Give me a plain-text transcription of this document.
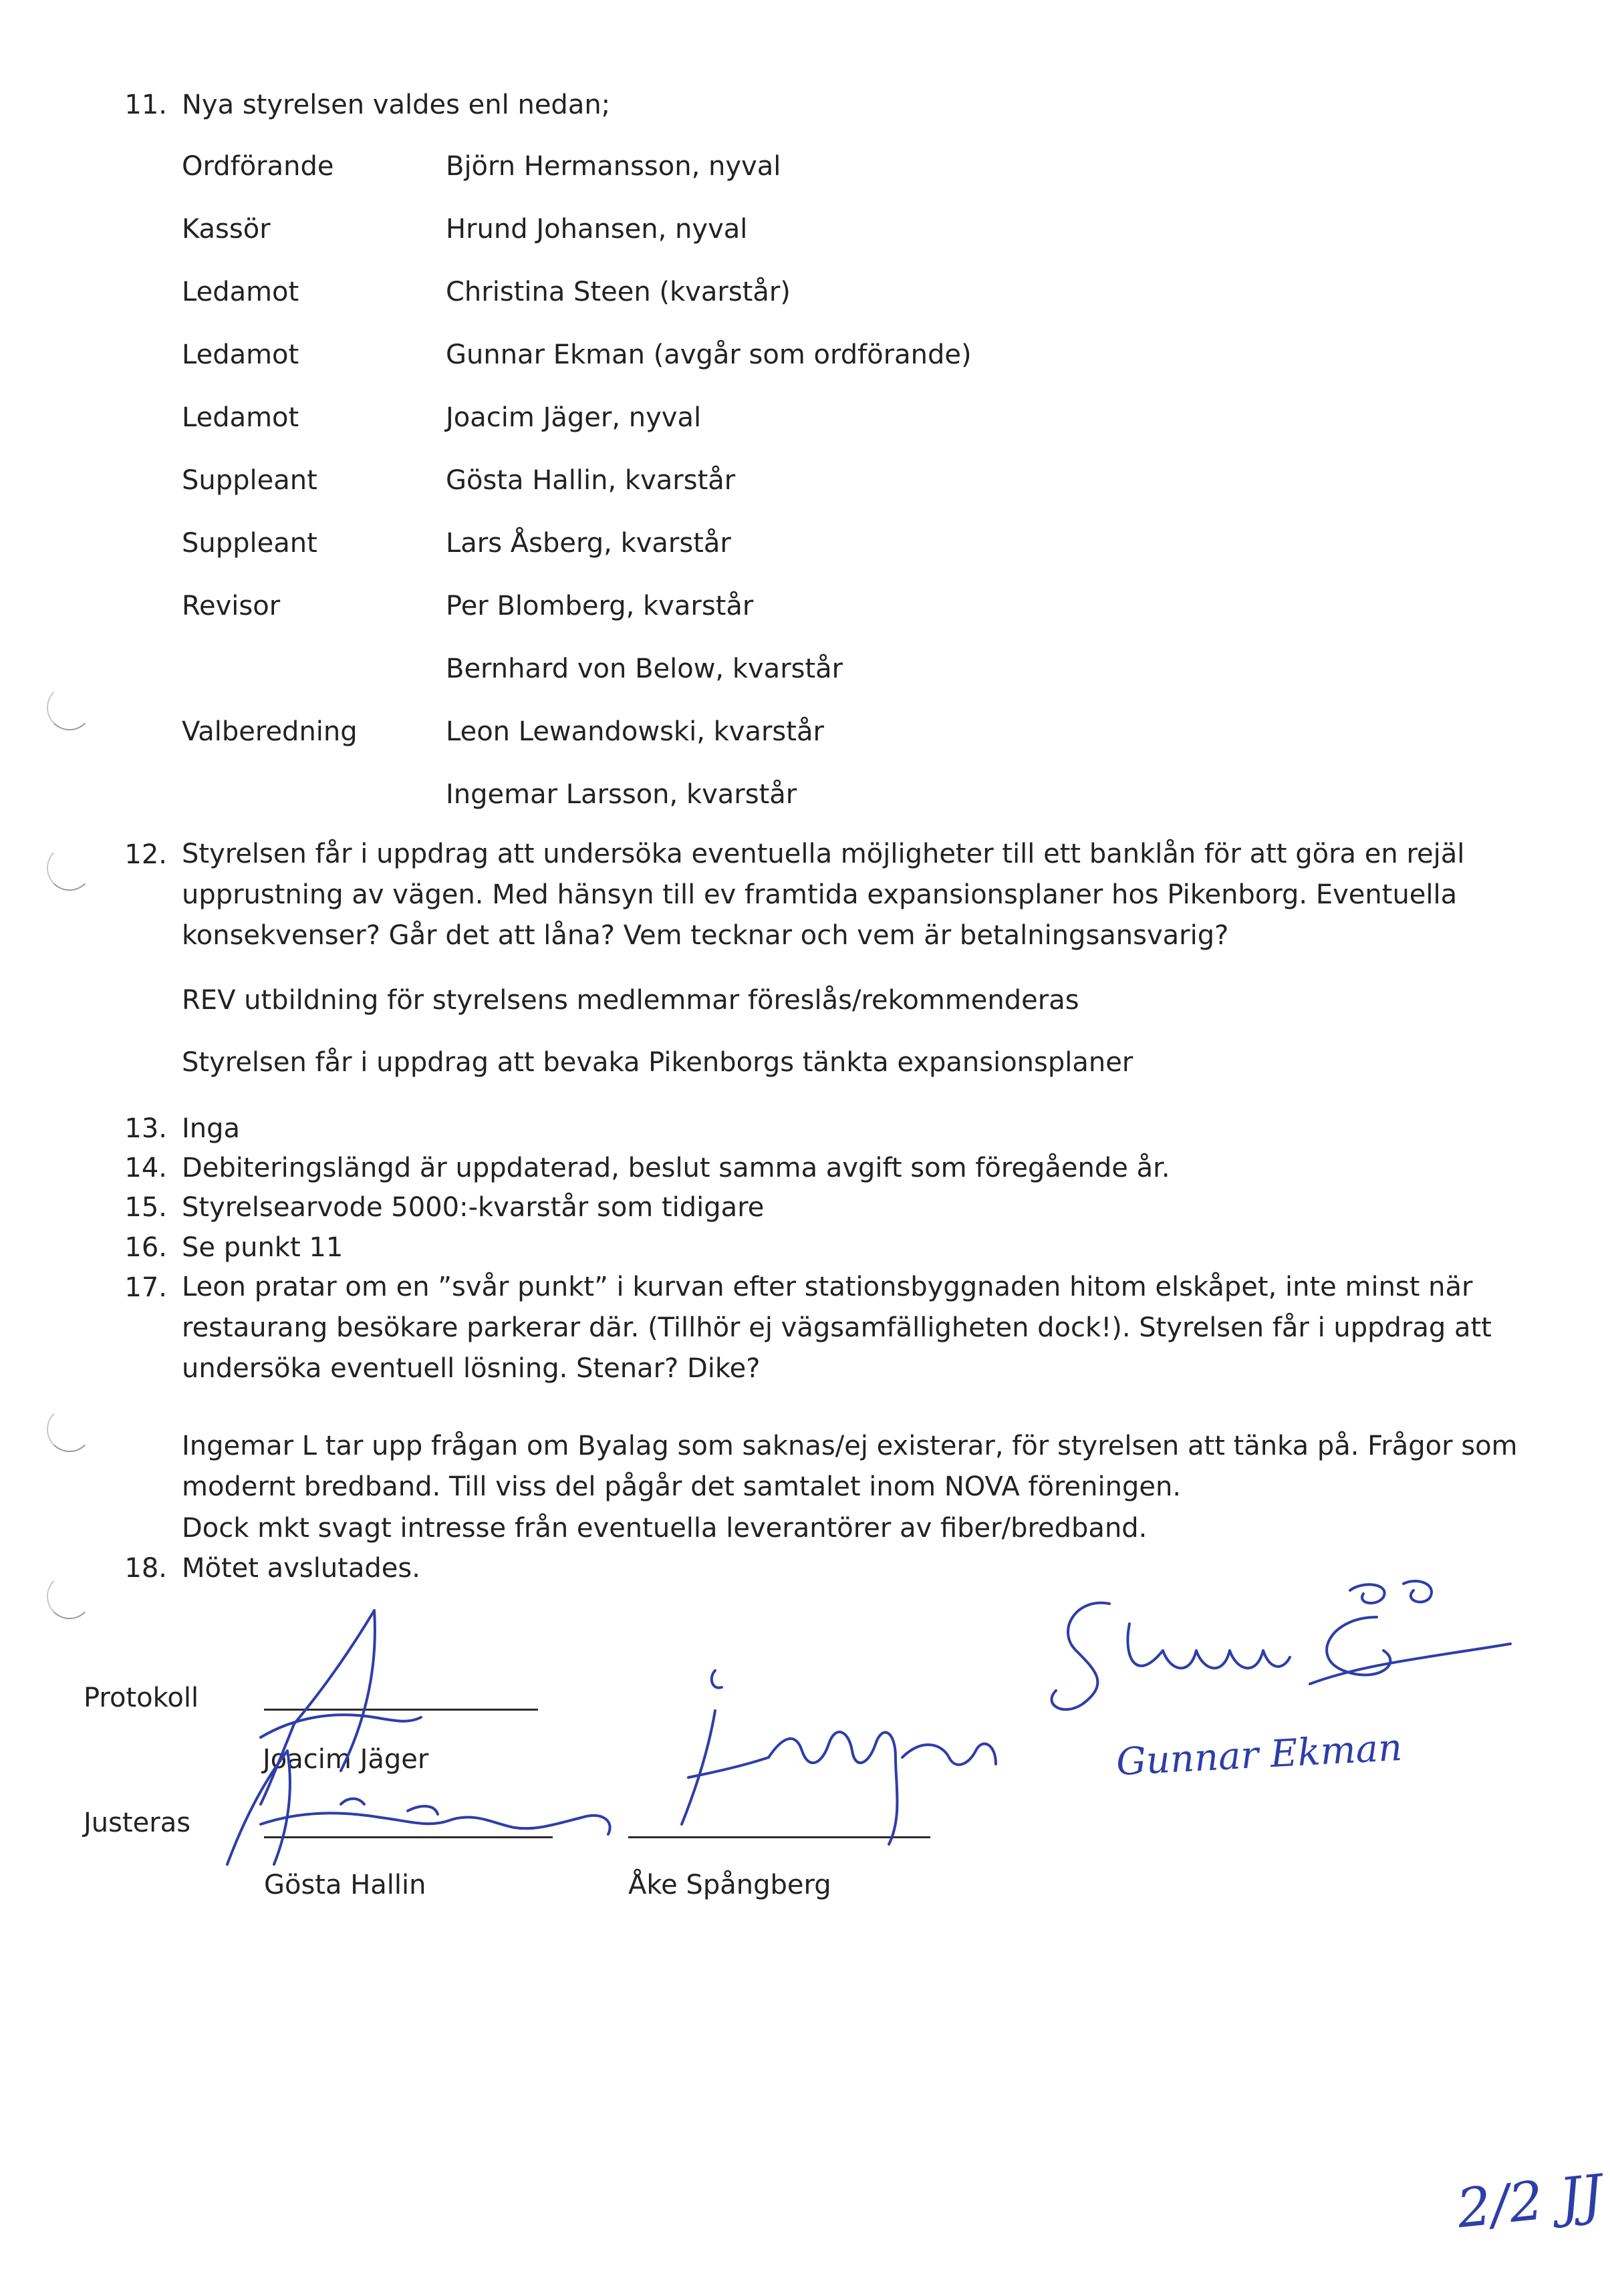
11. Nya styrelsen valdes enl nedan;
Ordförande	Björn Hermansson, nyval
Kassör	Hrund Johansen, nyval
Ledamot	Christina Steen (kvarstår)
Ledamot	Gunnar Ekman (avgår som ordförande)
Ledamot	Joacim Jäger, nyval
Suppleant	Gösta Hallin, kvarstår
Suppleant	Lars Åsberg, kvarstår
Revisor	Per Blomberg, kvarstår
Bernhard von Below, kvarstår
Valberedning	Leon Lewandowski, kvarstår
Ingemar Larsson, kvarstår
12. Styrelsen får i uppdrag att undersöka eventuella möjligheter till ett banklån för att göra en rejäl upprustning av vägen. Med hänsyn till ev framtida expansionsplaner hos Pikenborg. Eventuella konsekvenser? Går det att låna? Vem tecknar och vem är betalningsansvarig?
REV utbildning för styrelsens medlemmar föreslås/rekommenderas
Styrelsen får i uppdrag att bevaka Pikenborgs tänkta expansionsplaner
13. Inga
14. Debiteringslängd är uppdaterad, beslut samma avgift som föregående år.
15. Styrelsearvode 5000:-kvarstår som tidigare
16. Se punkt 11
17. Leon pratar om en ”svår punkt” i kurvan efter stationsbyggnaden hitom elskåpet, inte minst när restaurang besökare parkerar där. (Tillhör ej vägsamfälligheten dock!). Styrelsen får i uppdrag att undersöka eventuell lösning. Stenar? Dike?
Ingemar L tar upp frågan om Byalag som saknas/ej existerar, för styrelsen att tänka på. Frågor som modernt bredband. Till viss del pågår det samtalet inom NOVA föreningen.
Dock mkt svagt intresse från eventuella leverantörer av fiber/bredband.
18. Mötet avslutades.
Protokoll
Joacim Jäger
Justeras
Gösta Hallin	Åke Spångberg
Gunnar Ekman
2/2 JJ
